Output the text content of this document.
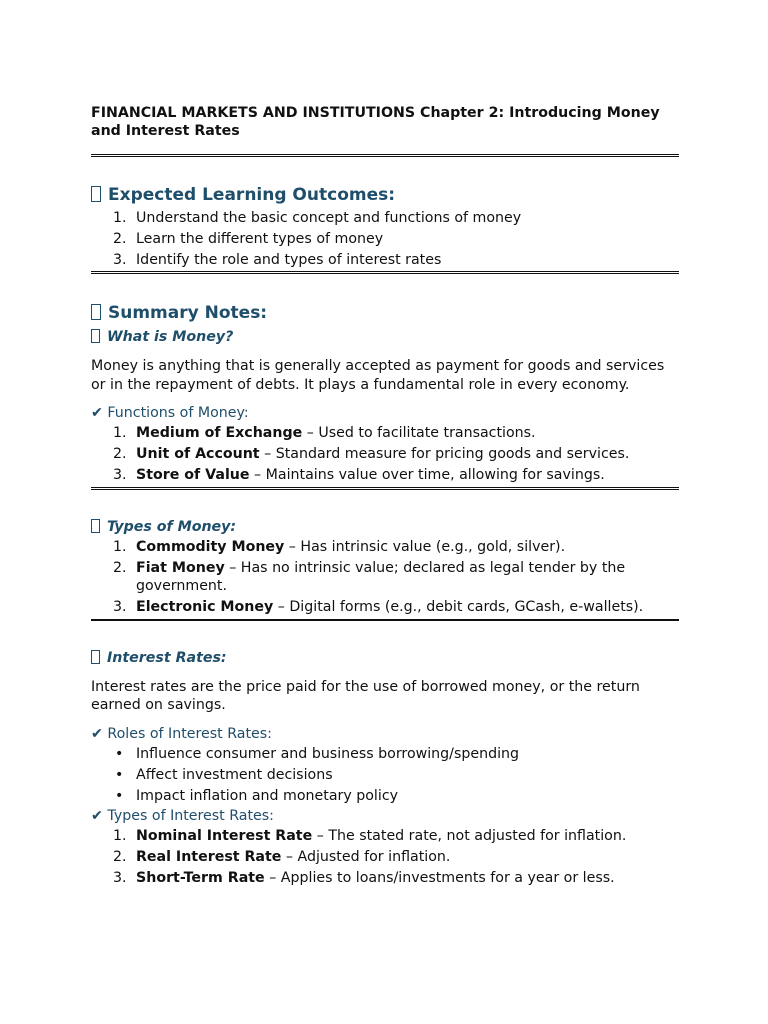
FINANCIAL MARKETS AND INSTITUTIONS Chapter 2: Introducing Money and Interest Rates
Expected Learning Outcomes:
1. Understand the basic concept and functions of money
2. Learn the different types of money
3. Identify the role and types of interest rates
Summary Notes:
What is Money?

Money is anything that is generally accepted as payment for goods and services or in the repayment of debts. It plays a fundamental role in every economy.

✔ Functions of Money:
1. Medium of Exchange – Used to facilitate transactions.
2. Unit of Account – Standard measure for pricing goods and services.
3. Store of Value – Maintains value over time, allowing for savings.
Types of Money:
1. Commodity Money – Has intrinsic value (e.g., gold, silver).
2. Fiat Money – Has no intrinsic value; declared as legal tender by the government.
3. Electronic Money – Digital forms (e.g., debit cards, GCash, e-wallets).
Interest Rates:

Interest rates are the price paid for the use of borrowed money, or the return earned on savings.

✔ Roles of Interest Rates:
• Influence consumer and business borrowing/spending
• Affect investment decisions
• Impact inflation and monetary policy
✔ Types of Interest Rates:
1. Nominal Interest Rate – The stated rate, not adjusted for inflation.
2. Real Interest Rate – Adjusted for inflation.
3. Short-Term Rate – Applies to loans/investments for a year or less.
